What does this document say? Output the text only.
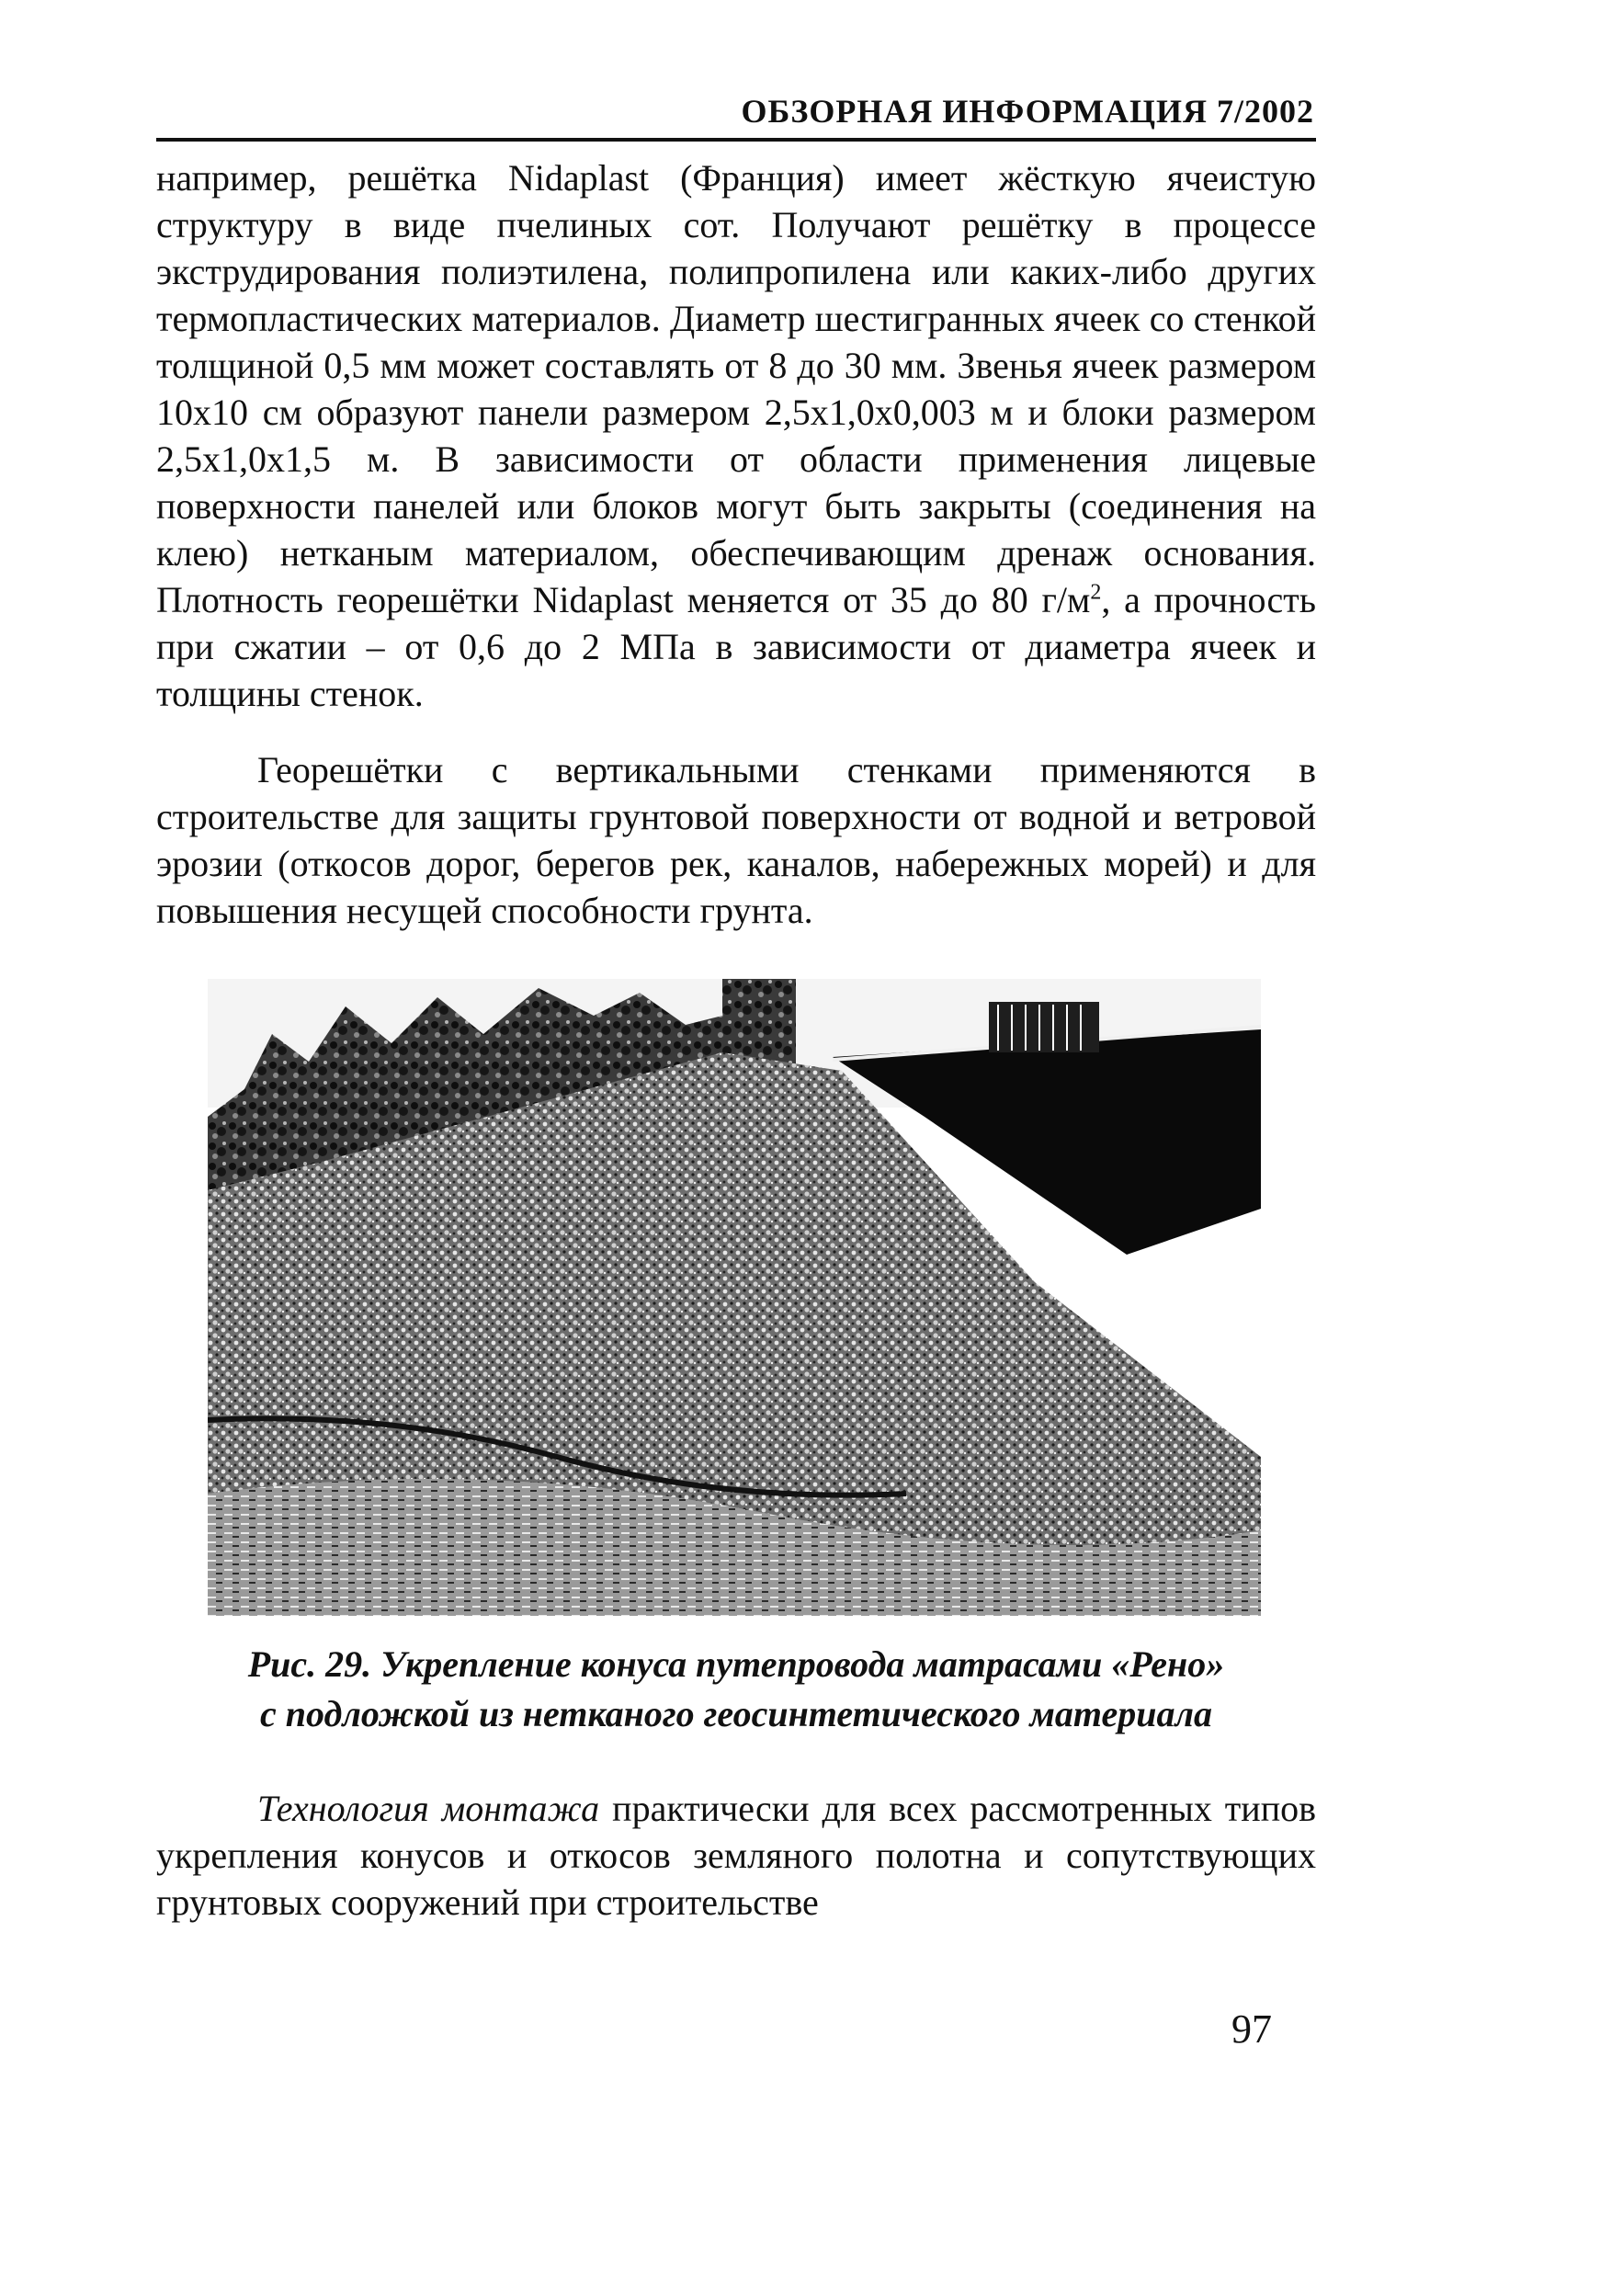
ОБЗОРНАЯ ИНФОРМАЦИЯ 7/2002
например, решётка Nidaplast (Франция) имеет жёсткую ячеистую структуру в виде пчелиных сот. Получают решётку в процессе экструдирования полиэтилена, полипропилена или каких-либо других термопластических материалов. Диаметр шестигранных ячеек со стенкой толщиной 0,5 мм может составлять от 8 до 30 мм. Звенья ячеек размером 10x10 см образуют панели размером 2,5x1,0x0,003 м и блоки размером 2,5x1,0x1,5 м. В зависимости от области применения лицевые поверхности панелей или блоков могут быть закрыты (соединения на клею) нетканым материалом, обеспечивающим дренаж основания. Плотность георешётки Nidaplast меняется от 35 до 80 $г/м^2$, а прочность при сжатии – от 0,6 до 2 МПа в зависимости от диаметра ячеек и толщины стенок.
Георешётки с вертикальными стенками применяются в строительстве для защиты грунтовой поверхности от водной и ветровой эрозии (откосов дорог, берегов рек, каналов, набережных морей) и для повышения несущей способности грунта.
Рис. 29. Укрепление конуса путепровода матрасами «Рено»
с подложкой из нетканого геосинтетического материала
Технология монтажа практически для всех рассмотренных типов укрепления конусов и откосов земляного полотна и сопутствующих грунтовых сооружений при строительстве
97
